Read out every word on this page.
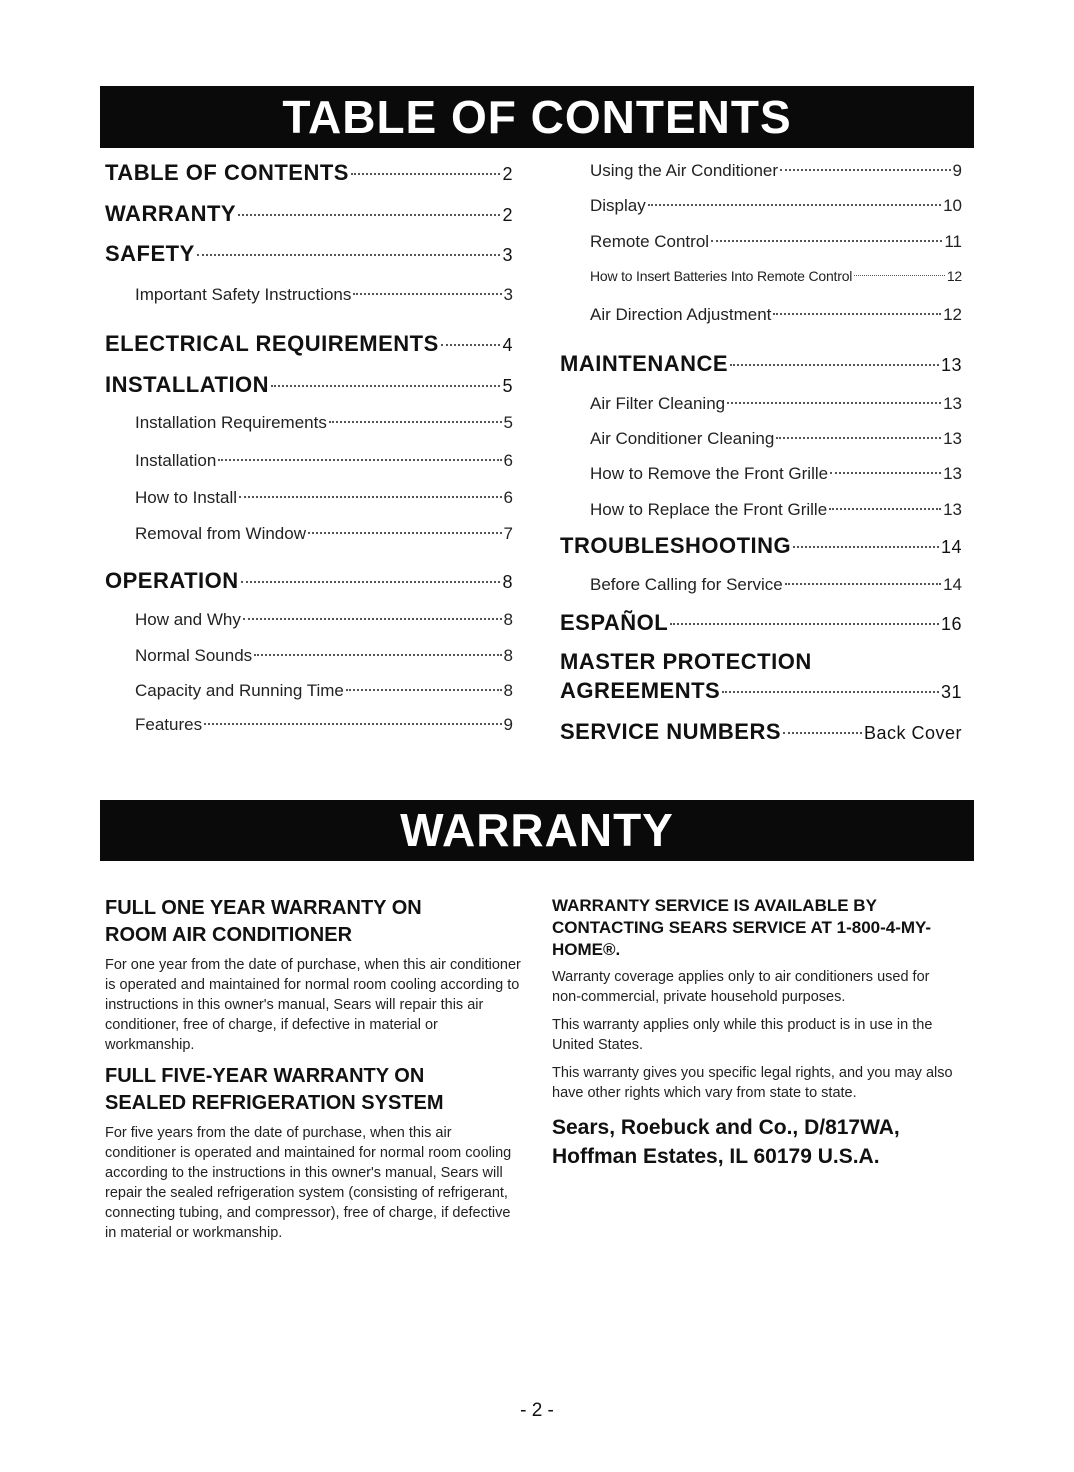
TABLE OF CONTENTS
TABLE OF CONTENTS	2
WARRANTY	2
SAFETY	3
Important Safety Instructions	3
ELECTRICAL REQUIREMENTS	4
INSTALLATION	5
Installation Requirements	5
Installation	6
How to Install	6
Removal from Window	7
OPERATION	8
How and Why	8
Normal Sounds	8
Capacity and Running Time	8
Features	9
Using the Air Conditioner	9
Display	10
Remote Control	11
How to Insert Batteries Into Remote Control	12
Air Direction Adjustment	12
MAINTENANCE	13
Air Filter Cleaning	13
Air Conditioner Cleaning	13
How to Remove the Front Grille	13
How to Replace the Front Grille	13
TROUBLESHOOTING	14
Before Calling for Service	14
ESPAÑOL	16
MASTER PROTECTION
AGREEMENTS	31
SERVICE NUMBERS	Back Cover
WARRANTY
FULL ONE YEAR WARRANTY ON ROOM AIR CONDITIONER
For one year from the date of purchase, when this air conditioner is operated and maintained for normal room cooling according to instructions in this owner's manual, Sears will repair this air conditioner, free of charge, if defective in material or workmanship.
FULL FIVE-YEAR WARRANTY ON SEALED REFRIGERATION SYSTEM
For five years from the date of purchase, when this air conditioner is operated and maintained for normal room cooling according to the instructions in this owner's manual, Sears will repair the sealed refrigeration system (consisting of refrigerant, connecting tubing, and compressor), free of charge, if defective in material or workmanship.
WARRANTY SERVICE IS AVAILABLE BY CONTACTING SEARS SERVICE AT 1-800-4-MY-HOME®.
Warranty coverage applies only to air conditioners used for non-commercial, private household purposes.
This warranty applies only while this product is in use in the United States.
This warranty gives you specific legal rights, and you may also have other rights which vary from state to state.
Sears, Roebuck and Co., D/817WA, Hoffman Estates, IL 60179 U.S.A.
- 2 -
